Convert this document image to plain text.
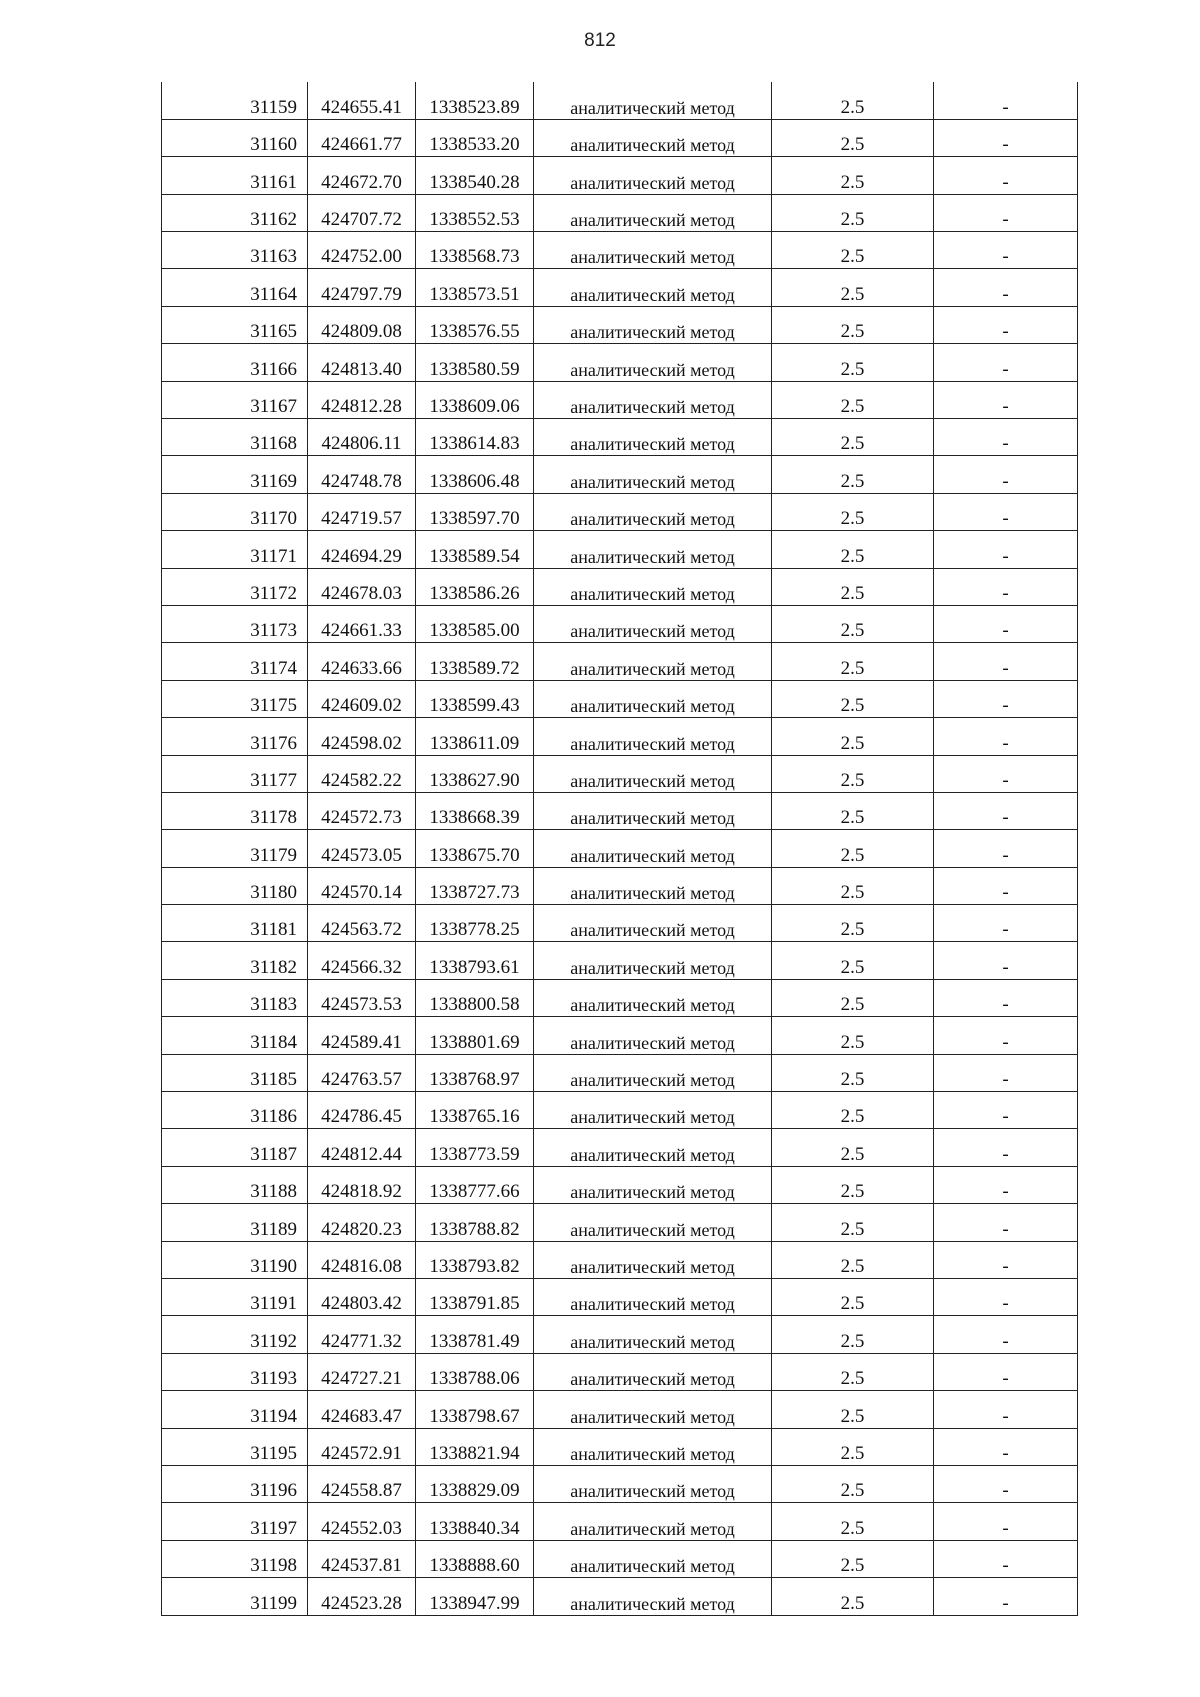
812
31159	424655.41	1338523.89	аналитический метод	2.5	-
31160	424661.77	1338533.20	аналитический метод	2.5	-
31161	424672.70	1338540.28	аналитический метод	2.5	-
31162	424707.72	1338552.53	аналитический метод	2.5	-
31163	424752.00	1338568.73	аналитический метод	2.5	-
31164	424797.79	1338573.51	аналитический метод	2.5	-
31165	424809.08	1338576.55	аналитический метод	2.5	-
31166	424813.40	1338580.59	аналитический метод	2.5	-
31167	424812.28	1338609.06	аналитический метод	2.5	-
31168	424806.11	1338614.83	аналитический метод	2.5	-
31169	424748.78	1338606.48	аналитический метод	2.5	-
31170	424719.57	1338597.70	аналитический метод	2.5	-
31171	424694.29	1338589.54	аналитический метод	2.5	-
31172	424678.03	1338586.26	аналитический метод	2.5	-
31173	424661.33	1338585.00	аналитический метод	2.5	-
31174	424633.66	1338589.72	аналитический метод	2.5	-
31175	424609.02	1338599.43	аналитический метод	2.5	-
31176	424598.02	1338611.09	аналитический метод	2.5	-
31177	424582.22	1338627.90	аналитический метод	2.5	-
31178	424572.73	1338668.39	аналитический метод	2.5	-
31179	424573.05	1338675.70	аналитический метод	2.5	-
31180	424570.14	1338727.73	аналитический метод	2.5	-
31181	424563.72	1338778.25	аналитический метод	2.5	-
31182	424566.32	1338793.61	аналитический метод	2.5	-
31183	424573.53	1338800.58	аналитический метод	2.5	-
31184	424589.41	1338801.69	аналитический метод	2.5	-
31185	424763.57	1338768.97	аналитический метод	2.5	-
31186	424786.45	1338765.16	аналитический метод	2.5	-
31187	424812.44	1338773.59	аналитический метод	2.5	-
31188	424818.92	1338777.66	аналитический метод	2.5	-
31189	424820.23	1338788.82	аналитический метод	2.5	-
31190	424816.08	1338793.82	аналитический метод	2.5	-
31191	424803.42	1338791.85	аналитический метод	2.5	-
31192	424771.32	1338781.49	аналитический метод	2.5	-
31193	424727.21	1338788.06	аналитический метод	2.5	-
31194	424683.47	1338798.67	аналитический метод	2.5	-
31195	424572.91	1338821.94	аналитический метод	2.5	-
31196	424558.87	1338829.09	аналитический метод	2.5	-
31197	424552.03	1338840.34	аналитический метод	2.5	-
31198	424537.81	1338888.60	аналитический метод	2.5	-
31199	424523.28	1338947.99	аналитический метод	2.5	-
